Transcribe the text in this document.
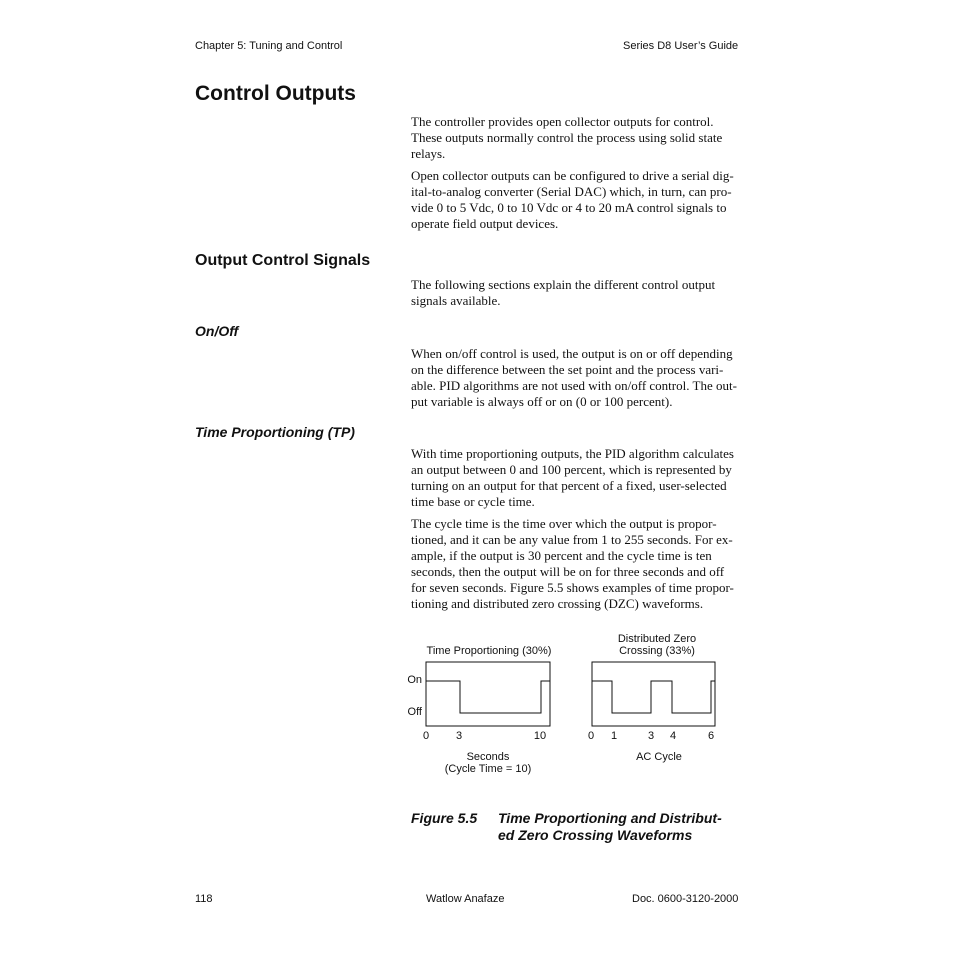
Chapter 5: Tuning and Control	Series D8 User’s Guide
Control Outputs
The controller provides open collector outputs for control.
These outputs normally control the process using solid state
relays.
Open collector outputs can be configured to drive a serial dig-
ital-to-analog converter (Serial DAC) which, in turn, can pro-
vide 0 to 5 Vdc, 0 to 10 Vdc or 4 to 20 mA control signals to
operate field output devices.
Output Control Signals
The following sections explain the different control output
signals available.
On/Off
When on/off control is used, the output is on or off depending
on the difference between the set point and the process vari-
able. PID algorithms are not used with on/off control. The out-
put variable is always off or on (0 or 100 percent).
Time Proportioning (TP)
With time proportioning outputs, the PID algorithm calculates
an output between 0 and 100 percent, which is represented by
turning on an output for that percent of a fixed, user-selected
time base or cycle time.
The cycle time is the time over which the output is propor-
tioned, and it can be any value from 1 to 255 seconds. For ex-
ample, if the output is 30 percent and the cycle time is ten
seconds, then the output will be on for three seconds and off
for seven seconds. Figure 5.5 shows examples of time propor-
tioning and distributed zero crossing (DZC) waveforms.
Time Proportioning (30%)
On
Off
0 3	10
Seconds
(Cycle Time = 10)
Distributed Zero
Crossing (33%)
0 1	3 4	6
AC Cycle
Figure 5.5 Time Proportioning and Distribut-
ed Zero Crossing Waveforms
118	Watlow Anafaze	Doc. 0600-3120-2000
